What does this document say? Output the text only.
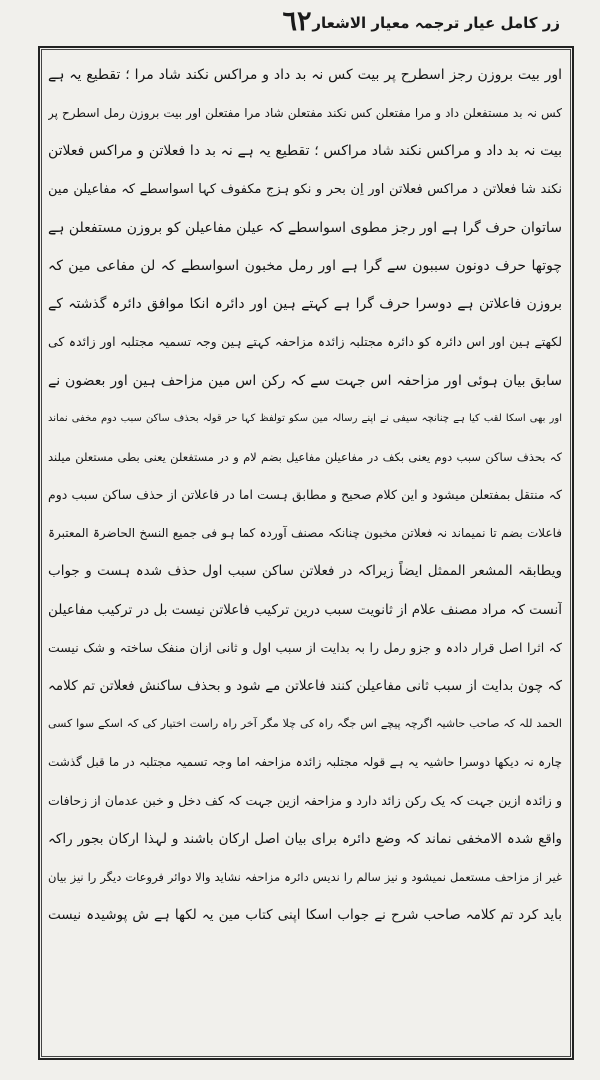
٦٢ زر کامل عیار ترجمہ معیار الاشعار
اور بیت بروزن رجز اسطرح پر بیت کس نہ بد داد و مراکس نکند شاد مرا ؛ تقطیع یہ ہے
کس نہ بد مستفعلن داد و مرا مفتعلن کس نکند مفتعلن شاد مرا مفتعلن اور بیت بروزن رمل اسطرح پر
بیت نہ بد داد و مراکس نکند شاد مراکس ؛ تقطیع یہ ہے نہ بد دا فعلاتن و مراکس فعلاتن
نکند شا فعلاتن د مراکس فعلاتن اور اِن بحر و نکو ہزج مکفوف کہا اسواسطے کہ مفاعیلن مین
ساتوان حرف گرا ہے اور رجز مطوی اسواسطے کہ عیلن مفاعیلن کو بروزن مستفعلن ہے
چوتھا حرف دونون سببون سے گرا ہے اور رمل مخبون اسواسطے کہ لن مفاعی مین کہ
بروزن فاعلاتن ہے دوسرا حرف گرا ہے کہتے ہین اور دائرہ انکا موافق دائرہ گذشتہ کے
لکھتے ہین اور اس دائرہ کو دائرہ مجتلبہ زائدہ مزاحفہ کہتے ہین وجہ تسمیہ مجتلبہ اور زائدہ کی
سابق بیان ہوئی اور مزاحفہ اس جہت سے کہ رکن اس مین مزاحف ہین اور بعضون نے
اور بھی اسکا لقب کیا ہے چنانچہ سیفی نے اپنے رسالہ مین سکو تولفظ کہا حر قولہ بحذف ساکن سبب دوم مخفی نماند
کہ بحذف ساکن سبب دوم یعنی بکف در مفاعیلن مفاعیل بضم لام و در مستفعلن یعنی بطی مستعلن میلند
کہ منتقل بمفتعلن میشود و این کلام صحیح و مطابق ہست اما در فاعلاتن از حذف ساکن سبب دوم
فاعلات بضم تا نمیماند نہ فعلاتن مخبون چنانکہ مصنف آوردہ کما ہو فی جمیع النسخ الحاضرۃ المعتبرۃ
ویطابقہ المشعر الممثل ایضاً زیراکہ در فعلاتن ساکن سبب اول حذف شدہ ہست و جواب
آنست کہ مراد مصنف علام از ثانویت سبب درین ترکیب فاعلاتن نیست بل در ترکیب مفاعیلن
کہ اثرا اصل قرار دادہ و جزو رمل را بہ بدایت از سبب اول و ثانی ازان منفک ساختہ و شک نیست
کہ چون بدایت از سبب ثانی مفاعیلن کنند فاعلاتن مے شود و بحذف ساکنش فعلاتن تم کلامہ
الحمد للہ کہ صاحب حاشیہ اگرچہ پیچے اس جگہ راہ کی چلا مگر آخر راہ راست اختیار کی کہ اسکے سوا کسی
چارہ نہ دیکھا دوسرا حاشیہ یہ ہے قولہ مجتلبہ زائدہ مزاحفہ اما وجہ تسمیہ مجتلبہ در ما قبل گذشت
و زائدہ ازین جہت کہ یک رکن زائد دارد و مزاحفہ ازین جہت کہ کف دخل و خبن عدمان از زحافات
واقع شدہ الامخفی نماند کہ وضع دائرہ برای بیان اصل ارکان باشند و لہذا ارکان بجور راکہ
غیر از مزاحف مستعمل نمیشود و نیز سالم را ندیس دائرہ مزاحفہ نشاید والا دوائر فروعات دیگر را نیز بیان
باید کرد تم کلامہ صاحب شرح نے جواب اسکا اپنی کتاب مین یہ لکھا ہے ش پوشیدہ نیست
